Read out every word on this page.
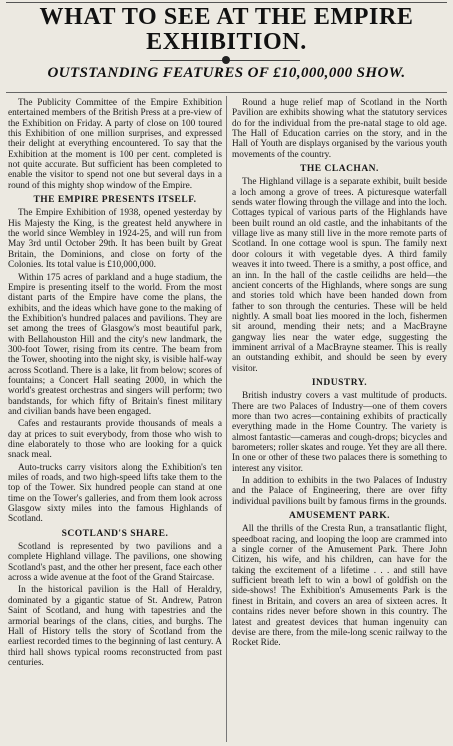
WHAT TO SEE AT THE EMPIRE
EXHIBITION.
OUTSTANDING FEATURES OF £10,000,000 SHOW.

The Publicity Committee of the Empire Exhibition entertained members of the British Press at a pre-view of the Exhibition on Friday. A party of close on 100 toured this Exhibition of one million surprises, and expressed their delight at everything encountered. To say that the Exhibition at the moment is 100 per cent. completed is not quite accurate. But sufficient has been completed to enable the visitor to spend not one but several days in a round of this mighty shop window of the Empire.

THE EMPIRE PRESENTS ITSELF.

The Empire Exhibition of 1938, opened yesterday by His Majesty the King, is the greatest held anywhere in the world since Wembley in 1924-25, and will run from May 3rd until October 29th. It has been built by Great Britain, the Dominions, and close on forty of the Colonies. Its total value is £10,000,000.

Within 175 acres of parkland and a huge stadium, the Empire is presenting itself to the world. From the most distant parts of the Empire have come the plans, the exhibits, and the ideas which have gone to the making of the Exhibition's hundred palaces and pavilions. They are set among the trees of Glasgow's most beautiful park, with Bellahouston Hill and the city's new landmark, the 300-foot Tower, rising from its centre. The beam from the Tower, shooting into the night sky, is visible half-way across Scotland. There is a lake, lit from below; scores of fountains; a Concert Hall seating 2000, in which the world's greatest orchestras and singers will perform; two bandstands, for which fifty of Britain's finest military and civilian bands have been engaged.

Cafes and restaurants provide thousands of meals a day at prices to suit everybody, from those who wish to dine elaborately to those who are looking for a quick snack meal.

Auto-trucks carry visitors along the Exhibition's ten miles of roads, and two high-speed lifts take them to the top of the Tower. Six hundred people can stand at one time on the Tower's galleries, and from them look across Glasgow sixty miles into the famous Highlands of Scotland.

SCOTLAND'S SHARE.

Scotland is represented by two pavilions and a complete Highland village. The pavilions, one showing Scotland's past, and the other her present, face each other across a wide avenue at the foot of the Grand Staircase.

In the historical pavilion is the Hall of Heraldry, dominated by a gigantic statue of St. Andrew, Patron Saint of Scotland, and hung with tapestries and the armorial bearings of the clans, cities, and burghs. The Hall of History tells the story of Scotland from the earliest recorded times to the beginning of last century. A third hall shows typical rooms reconstructed from past centuries.

Round a huge relief map of Scotland in the North Pavilion are exhibits showing what the statutory services do for the individual from the pre-natal stage to old age. The Hall of Education carries on the story, and in the Hall of Youth are displays organised by the various youth movements of the country.

THE CLACHAN.

The Highland village is a separate exhibit, built beside a loch among a grove of trees. A picturesque waterfall sends water flowing through the village and into the loch. Cottages typical of various parts of the Highlands have been built round an old castle, and the inhabitants of the village live as many still live in the more remote parts of Scotland. In one cottage wool is spun. The family next door colours it with vegetable dyes. A third family weaves it into tweed. There is a smithy, a post office, and an inn. In the hall of the castle ceilidhs are held—the ancient concerts of the Highlands, where songs are sung and stories told which have been handed down from father to son through the centuries. These will be held nightly. A small boat lies moored in the loch, fishermen sit around, mending their nets; and a MacBrayne gangway lies near the water edge, suggesting the imminent arrival of a MacBrayne steamer. This is really an outstanding exhibit, and should be seen by every visitor.

INDUSTRY.

British industry covers a vast multitude of products. There are two Palaces of Industry—one of them covers more than two acres—containing exhibits of practically everything made in the Home Country. The variety is almost fantastic—cameras and cough-drops; bicycles and barometers; roller skates and rouge. Yet they are all there. In one or other of these two palaces there is something to interest any visitor.

In addition to exhibits in the two Palaces of Industry and the Palace of Engineering, there are over fifty individual pavilions built by famous firms in the grounds.

AMUSEMENT PARK.

All the thrills of the Cresta Run, a transatlantic flight, speedboat racing, and looping the loop are crammed into a single corner of the Amusement Park. There John Citizen, his wife, and his children, can have for the taking the excitement of a lifetime . . . and still have sufficient breath left to win a bowl of goldfish on the side-shows! The Exhibition's Amusements Park is the finest in Britain, and covers an area of sixteen acres. It contains rides never before shown in this country. The latest and greatest devices that human ingenuity can devise are there, from the mile-long scenic railway to the Rocket Ride.
